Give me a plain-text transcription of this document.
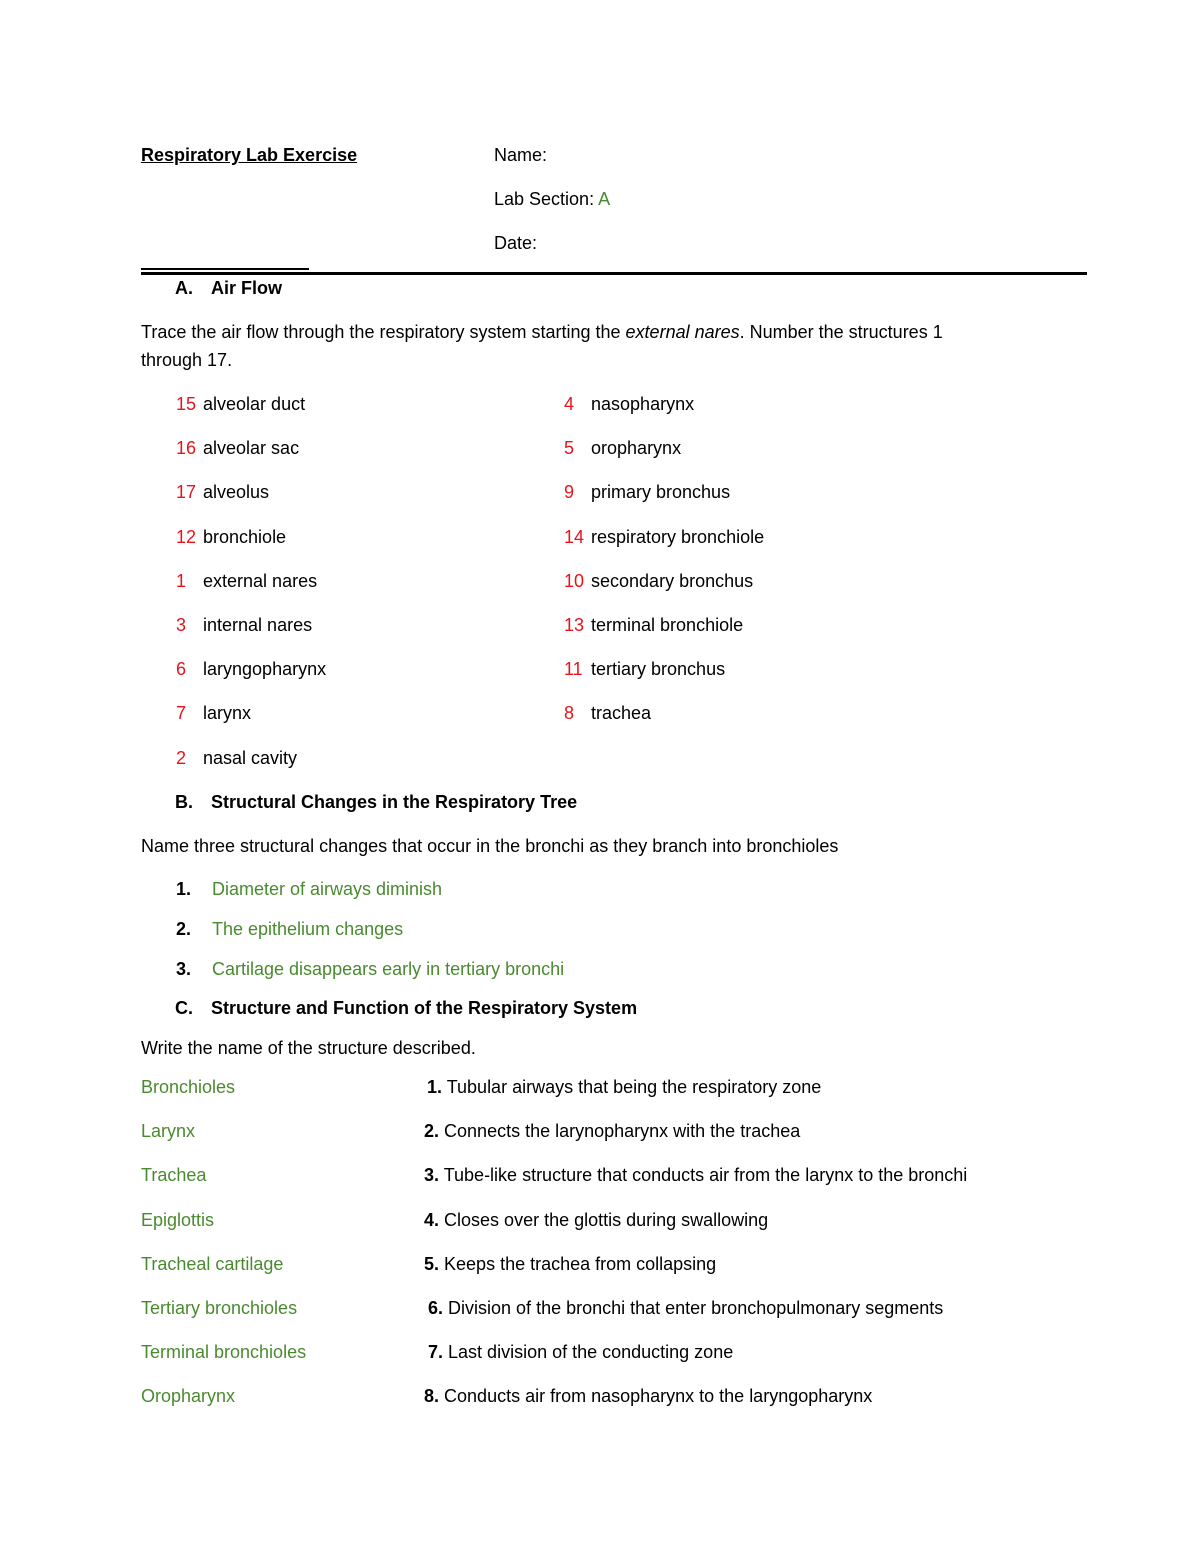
Respiratory Lab Exercise	Name:
Lab Section: A
Date:
A. Air Flow
Trace the air flow through the respiratory system starting the external nares. Number the structures 1
through 17.
15 alveolar duct
16 alveolar sac
17 alveolus
12 bronchiole
1 external nares
3 internal nares
6 laryngopharynx
7 larynx
2 nasal cavity
4 nasopharynx
5 oropharynx
9 primary bronchus
14 respiratory bronchiole
10 secondary bronchus
13 terminal bronchiole
11 tertiary bronchus
8 trachea
B. Structural Changes in the Respiratory Tree
Name three structural changes that occur in the bronchi as they branch into bronchioles
1. Diameter of airways diminish
2. The epithelium changes
3. Cartilage disappears early in tertiary bronchi
C. Structure and Function of the Respiratory System
Write the name of the structure described.
Bronchioles	1. Tubular airways that being the respiratory zone
Larynx	2. Connects the larynopharynx with the trachea
Trachea	3. Tube-like structure that conducts air from the larynx to the bronchi
Epiglottis	4. Closes over the glottis during swallowing
Tracheal cartilage	5. Keeps the trachea from collapsing
Tertiary bronchioles	6. Division of the bronchi that enter bronchopulmonary segments
Terminal bronchioles	7. Last division of the conducting zone
Oropharynx	8. Conducts air from nasopharynx to the laryngopharynx
